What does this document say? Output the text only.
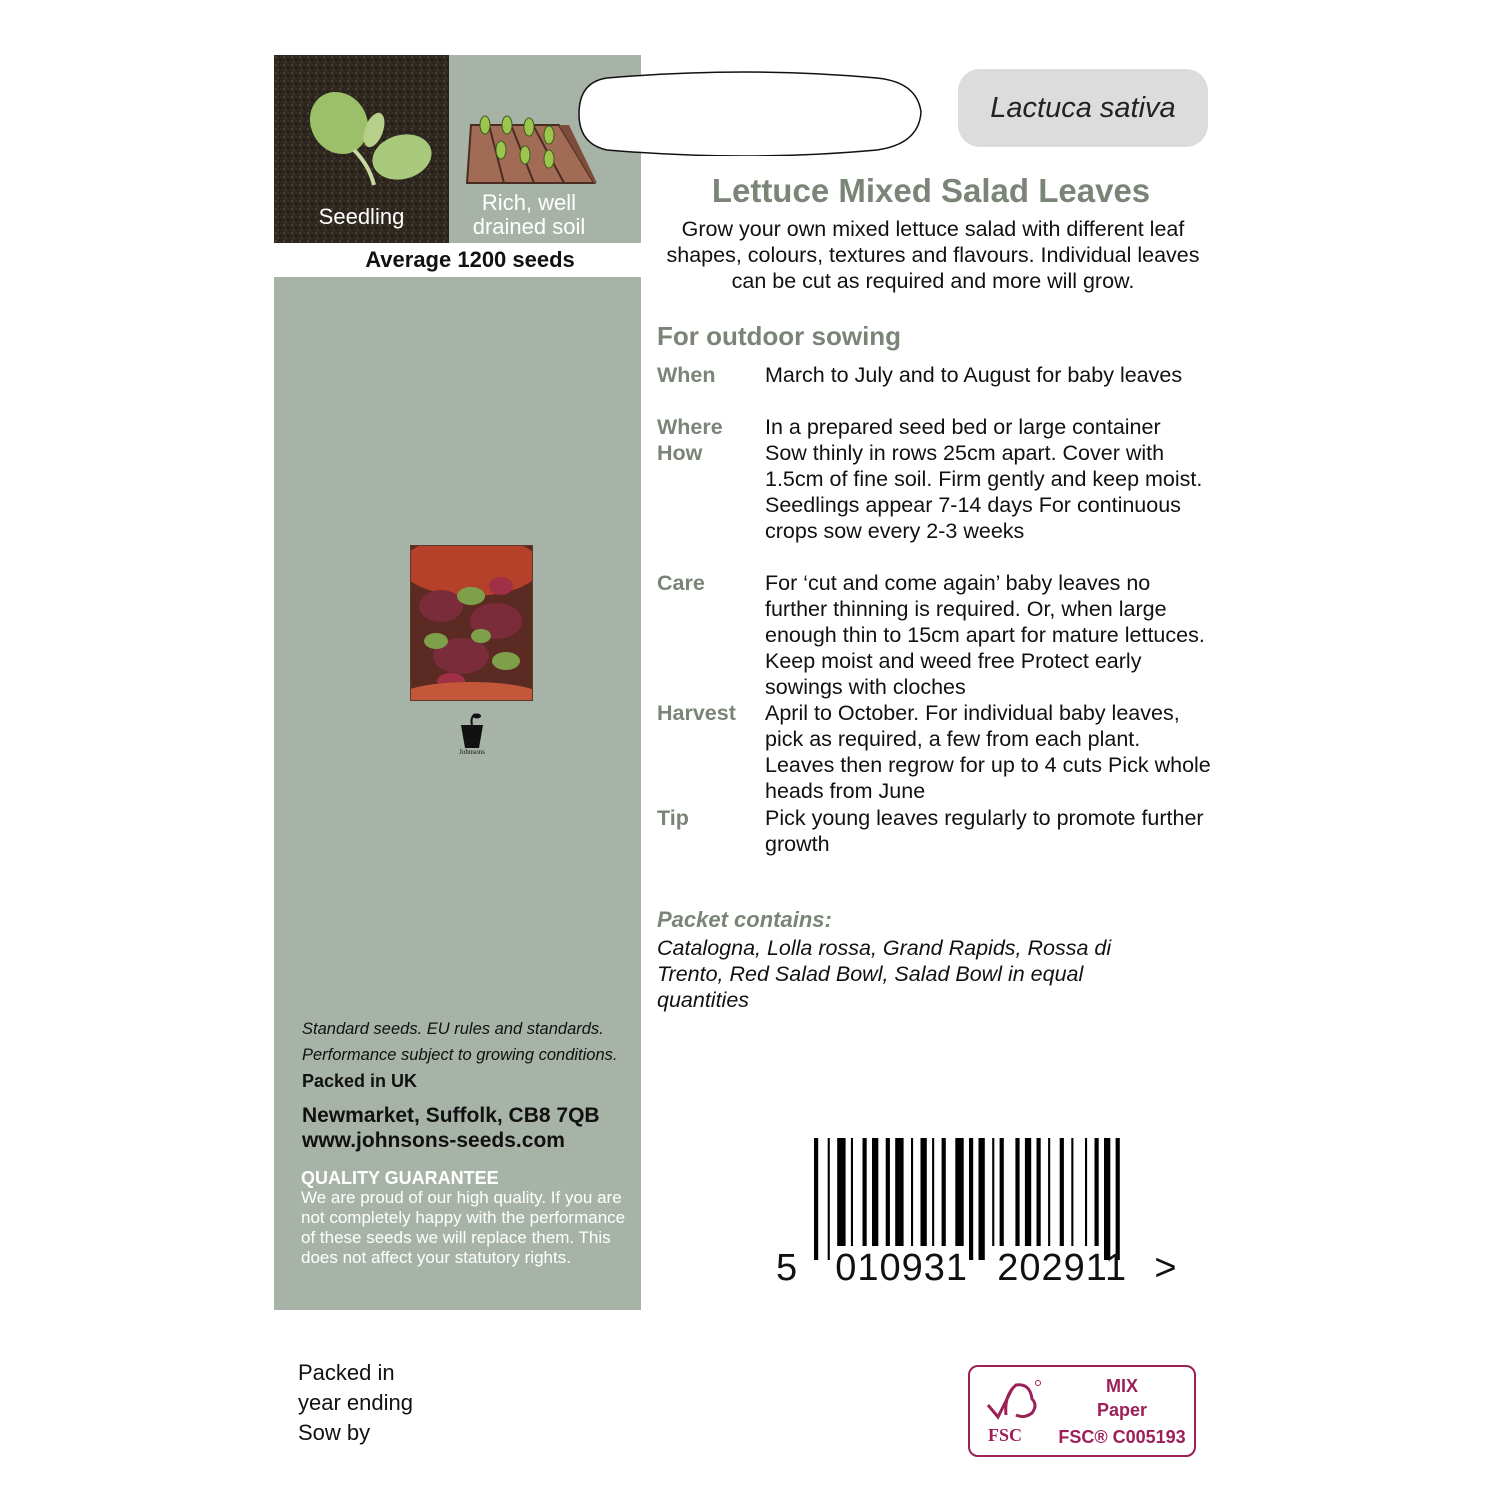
Seedling
Rich, well drained soil
Average 1200 seeds
Johnsons
Standard seeds. EU rules and standards.
Performance subject to growing conditions.
Packed in UK
Newmarket, Suffolk, CB8 7QB
www.johnsons-seeds.com
QUALITY GUARANTEE
We are proud of our high quality. If you are not completely happy with the performance of these seeds we will replace them. This does not affect your statutory rights.
Packed in
year ending
Sow by
Lactuca sativa
Lettuce Mixed Salad Leaves
Grow your own mixed lettuce salad with different leaf shapes, colours, textures and flavours. Individual leaves can be cut as required and more will grow.
For outdoor sowing
When March to July and to August for baby leaves
Where In a prepared seed bed or large container
How	Sow thinly in rows 25cm apart. Cover with 1.5cm of fine soil. Firm gently and keep moist. Seedlings appear 7-14 days For continuous crops sow every 2-3 weeks
Care	For ‘cut and come again’ baby leaves no further thinning is required. Or, when large enough thin to 15cm apart for mature lettuces. Keep moist and weed free Protect early sowings with cloches
Harvest April to October. For individual baby leaves, pick as required, a few from each plant. Leaves then regrow for up to 4 cuts Pick whole heads from June
Tip	Pick young leaves regularly to promote further growth
Packet contains:
Catalogna, Lolla rossa, Grand Rapids, Rossa di Trento, Red Salad Bowl, Salad Bowl in equal quantities
5 010931 202911 >
FSC
MIX
Paper
FSC® C005193
